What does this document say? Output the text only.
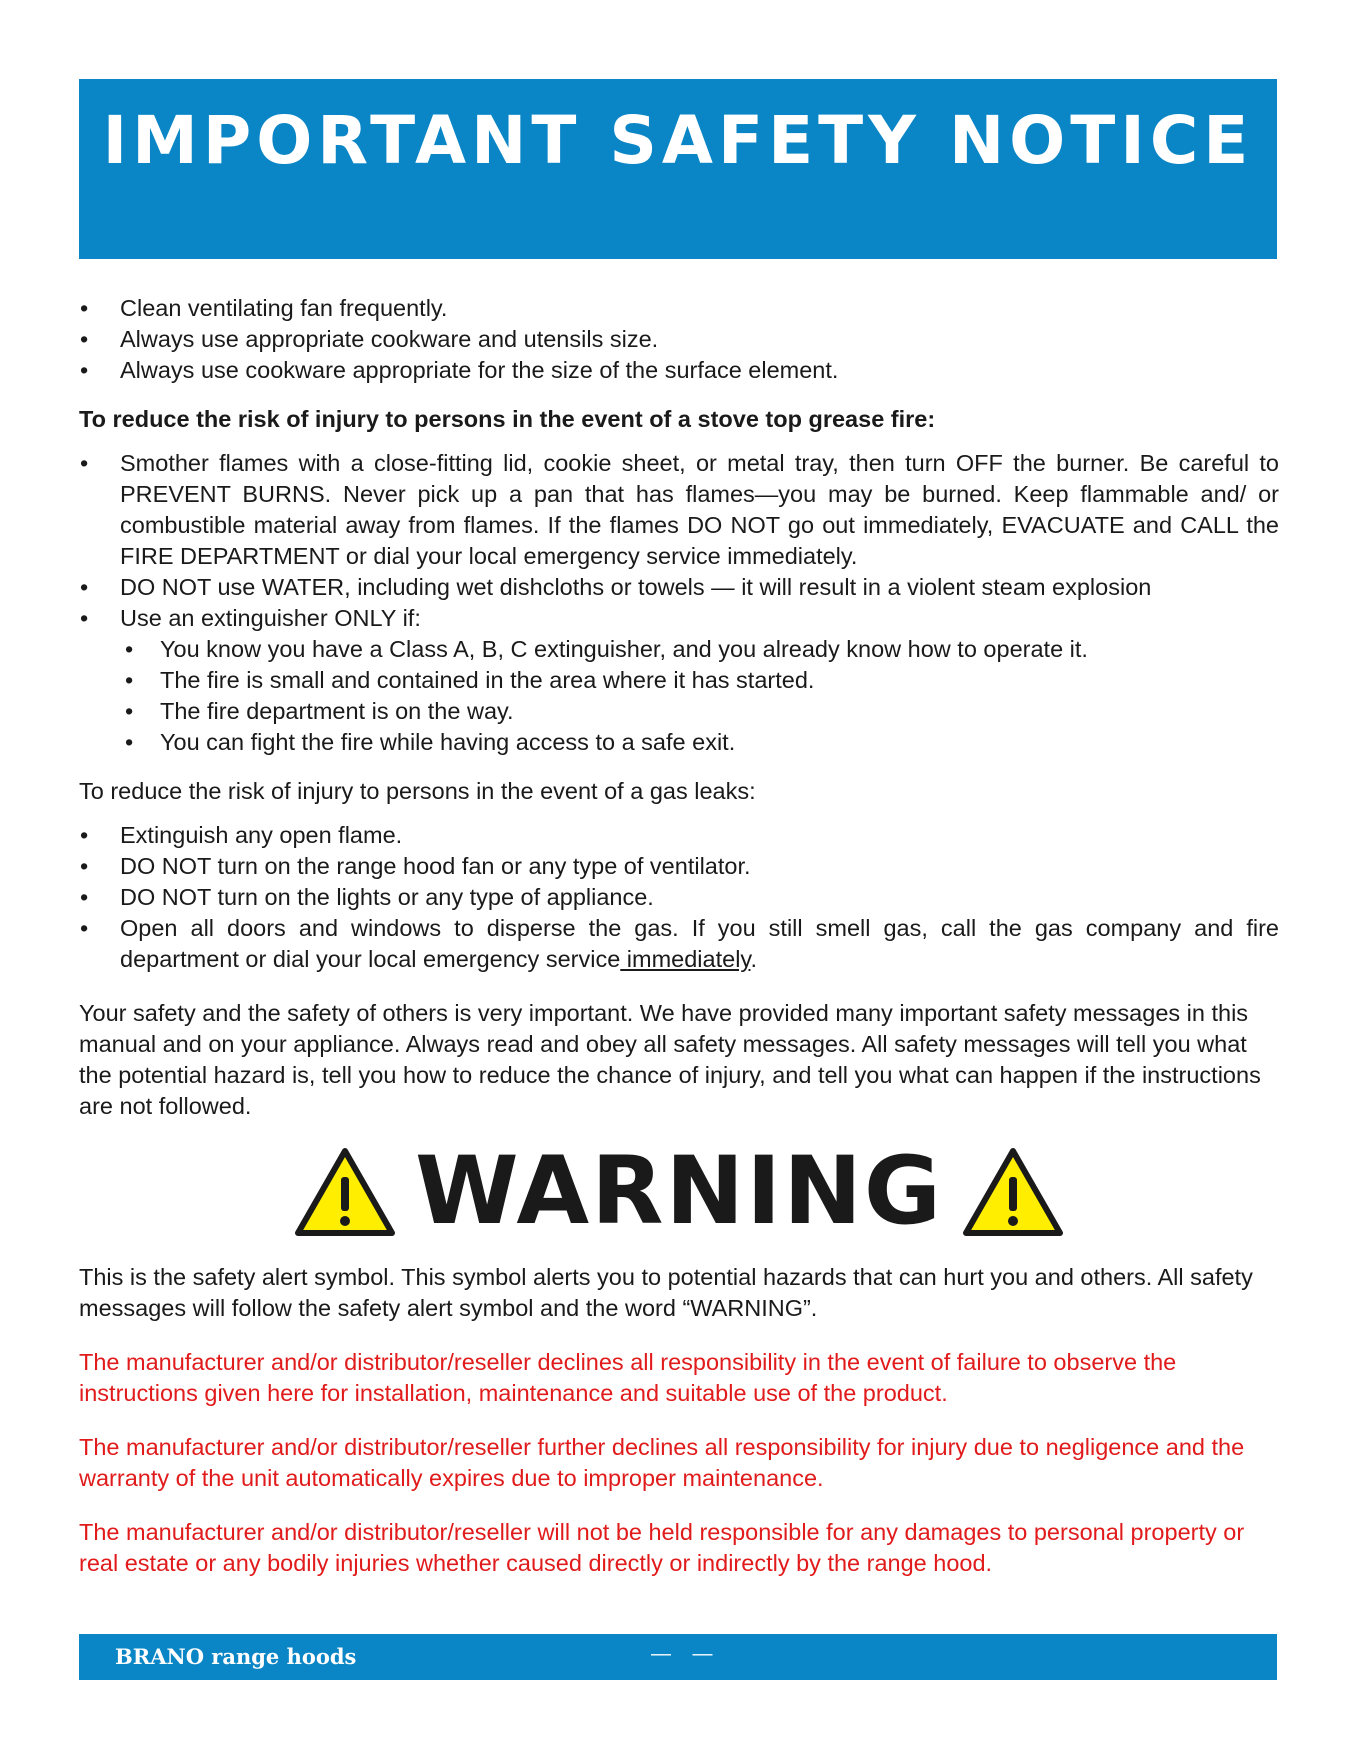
IMPORTANT SAFETY NOTICE
• Clean ventilating fan frequently.
• Always use appropriate cookware and utensils size.
• Always use cookware appropriate for the size of the surface element.

To reduce the risk of injury to persons in the event of a stove top grease fire:

• Smother flames with a close-fitting lid, cookie sheet, or metal tray, then turn OFF the burner. Be careful to PREVENT BURNS. Never pick up a pan that has flames—you may be burned. Keep flammable and/ or combustible material away from flames. If the flames DO NOT go out immediately, EVACUATE and CALL the FIRE DEPARTMENT or dial your local emergency service immediately.
• DO NOT use WATER, including wet dishcloths or towels — it will result in a violent steam explosion
• Use an extinguisher ONLY if:
• You know you have a Class A, B, C extinguisher, and you already know how to operate it.
• The fire is small and contained in the area where it has started.
• The fire department is on the way.
• You can fight the fire while having access to a safe exit.

To reduce the risk of injury to persons in the event of a gas leaks:

• Extinguish any open flame.
• DO NOT turn on the range hood fan or any type of ventilator.
• DO NOT turn on the lights or any type of appliance.
• Open all doors and windows to disperse the gas. If you still smell gas, call the gas company and fire department or dial your local emergency service immediately.

Your safety and the safety of others is very important. We have provided many important safety messages in this manual and on your appliance. Always read and obey all safety messages. All safety messages will tell you what the potential hazard is, tell you how to reduce the chance of injury, and tell you what can happen if the instructions are not followed.

WARNING

This is the safety alert symbol. This symbol alerts you to potential hazards that can hurt you and others. All safety messages will follow the safety alert symbol and the word “WARNING”.

The manufacturer and/or distributor/reseller declines all responsibility in the event of failure to observe the instructions given here for installation, maintenance and suitable use of the product.

The manufacturer and/or distributor/reseller further declines all responsibility for injury due to negligence and the warranty of the unit automatically expires due to improper maintenance.

The manufacturer and/or distributor/reseller will not be held responsible for any damages to personal property or real estate or any bodily injuries whether caused directly or indirectly by the range hood.

BRANO range hoods	— —
